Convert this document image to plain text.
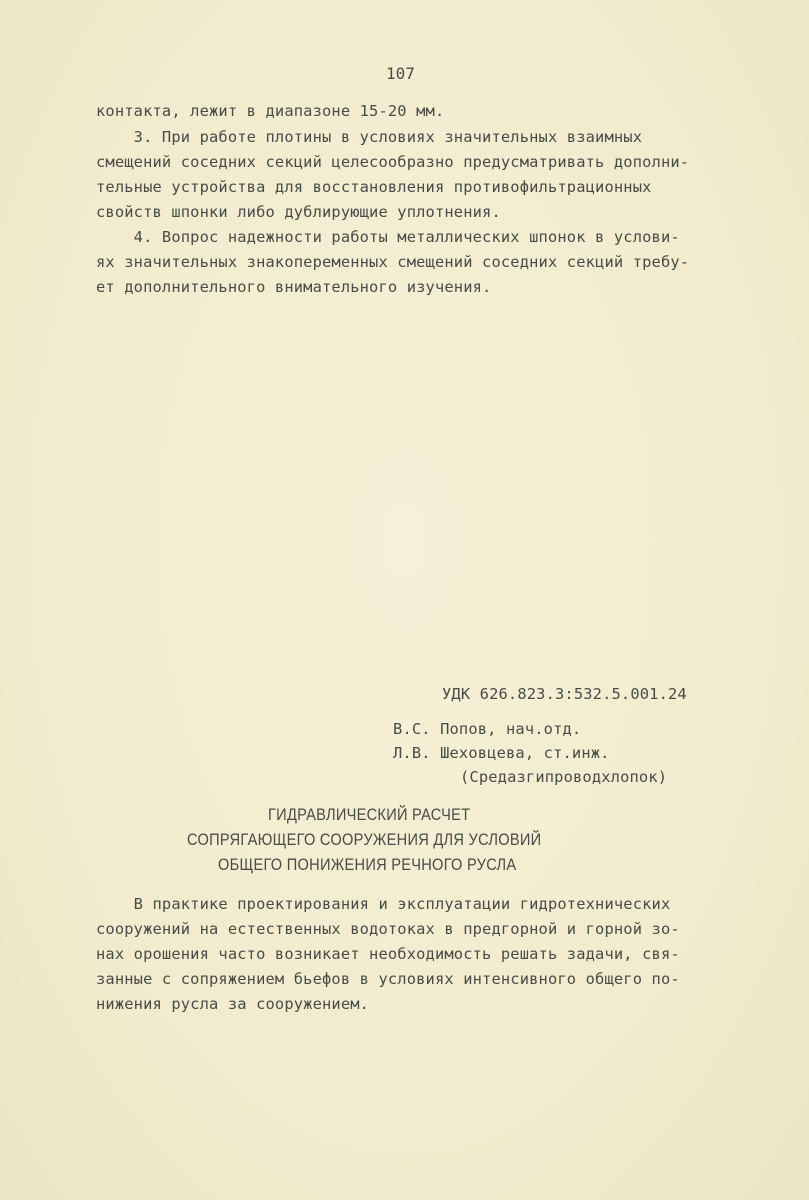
107
контакта, лежит в диапазоне 15-20 мм.
3. При работе плотины в условиях значительных взаимных
смещений соседних секций целесообразно предусматривать дополни-
тельные устройства для восстановления противофильтрационных
свойств шпонки либо дублирующие уплотнения.
4. Вопрос надежности работы металлических шпонок в услови-
ях значительных знакопеременных смещений соседних секций требу-
ет дополнительного внимательного изучения.
УДК 626.823.3:532.5.001.24
В.С. Попов, нач.отд.
Л.В. Шеховцева, ст.инж.
(Средазгипроводхлопок)
ГИДРАВЛИЧЕСКИЙ РАСЧЕТ
СОПРЯГАЮЩЕГО СООРУЖЕНИЯ ДЛЯ УСЛОВИЙ
ОБЩЕГО ПОНИЖЕНИЯ РЕЧНОГО РУСЛА
В практике проектирования и эксплуатации гидротехнических
сооружений на естественных водотоках в предгорной и горной зо-
нах орошения часто возникает необходимость решать задачи, свя-
занные с сопряжением бьефов в условиях интенсивного общего по-
нижения русла за сооружением.
